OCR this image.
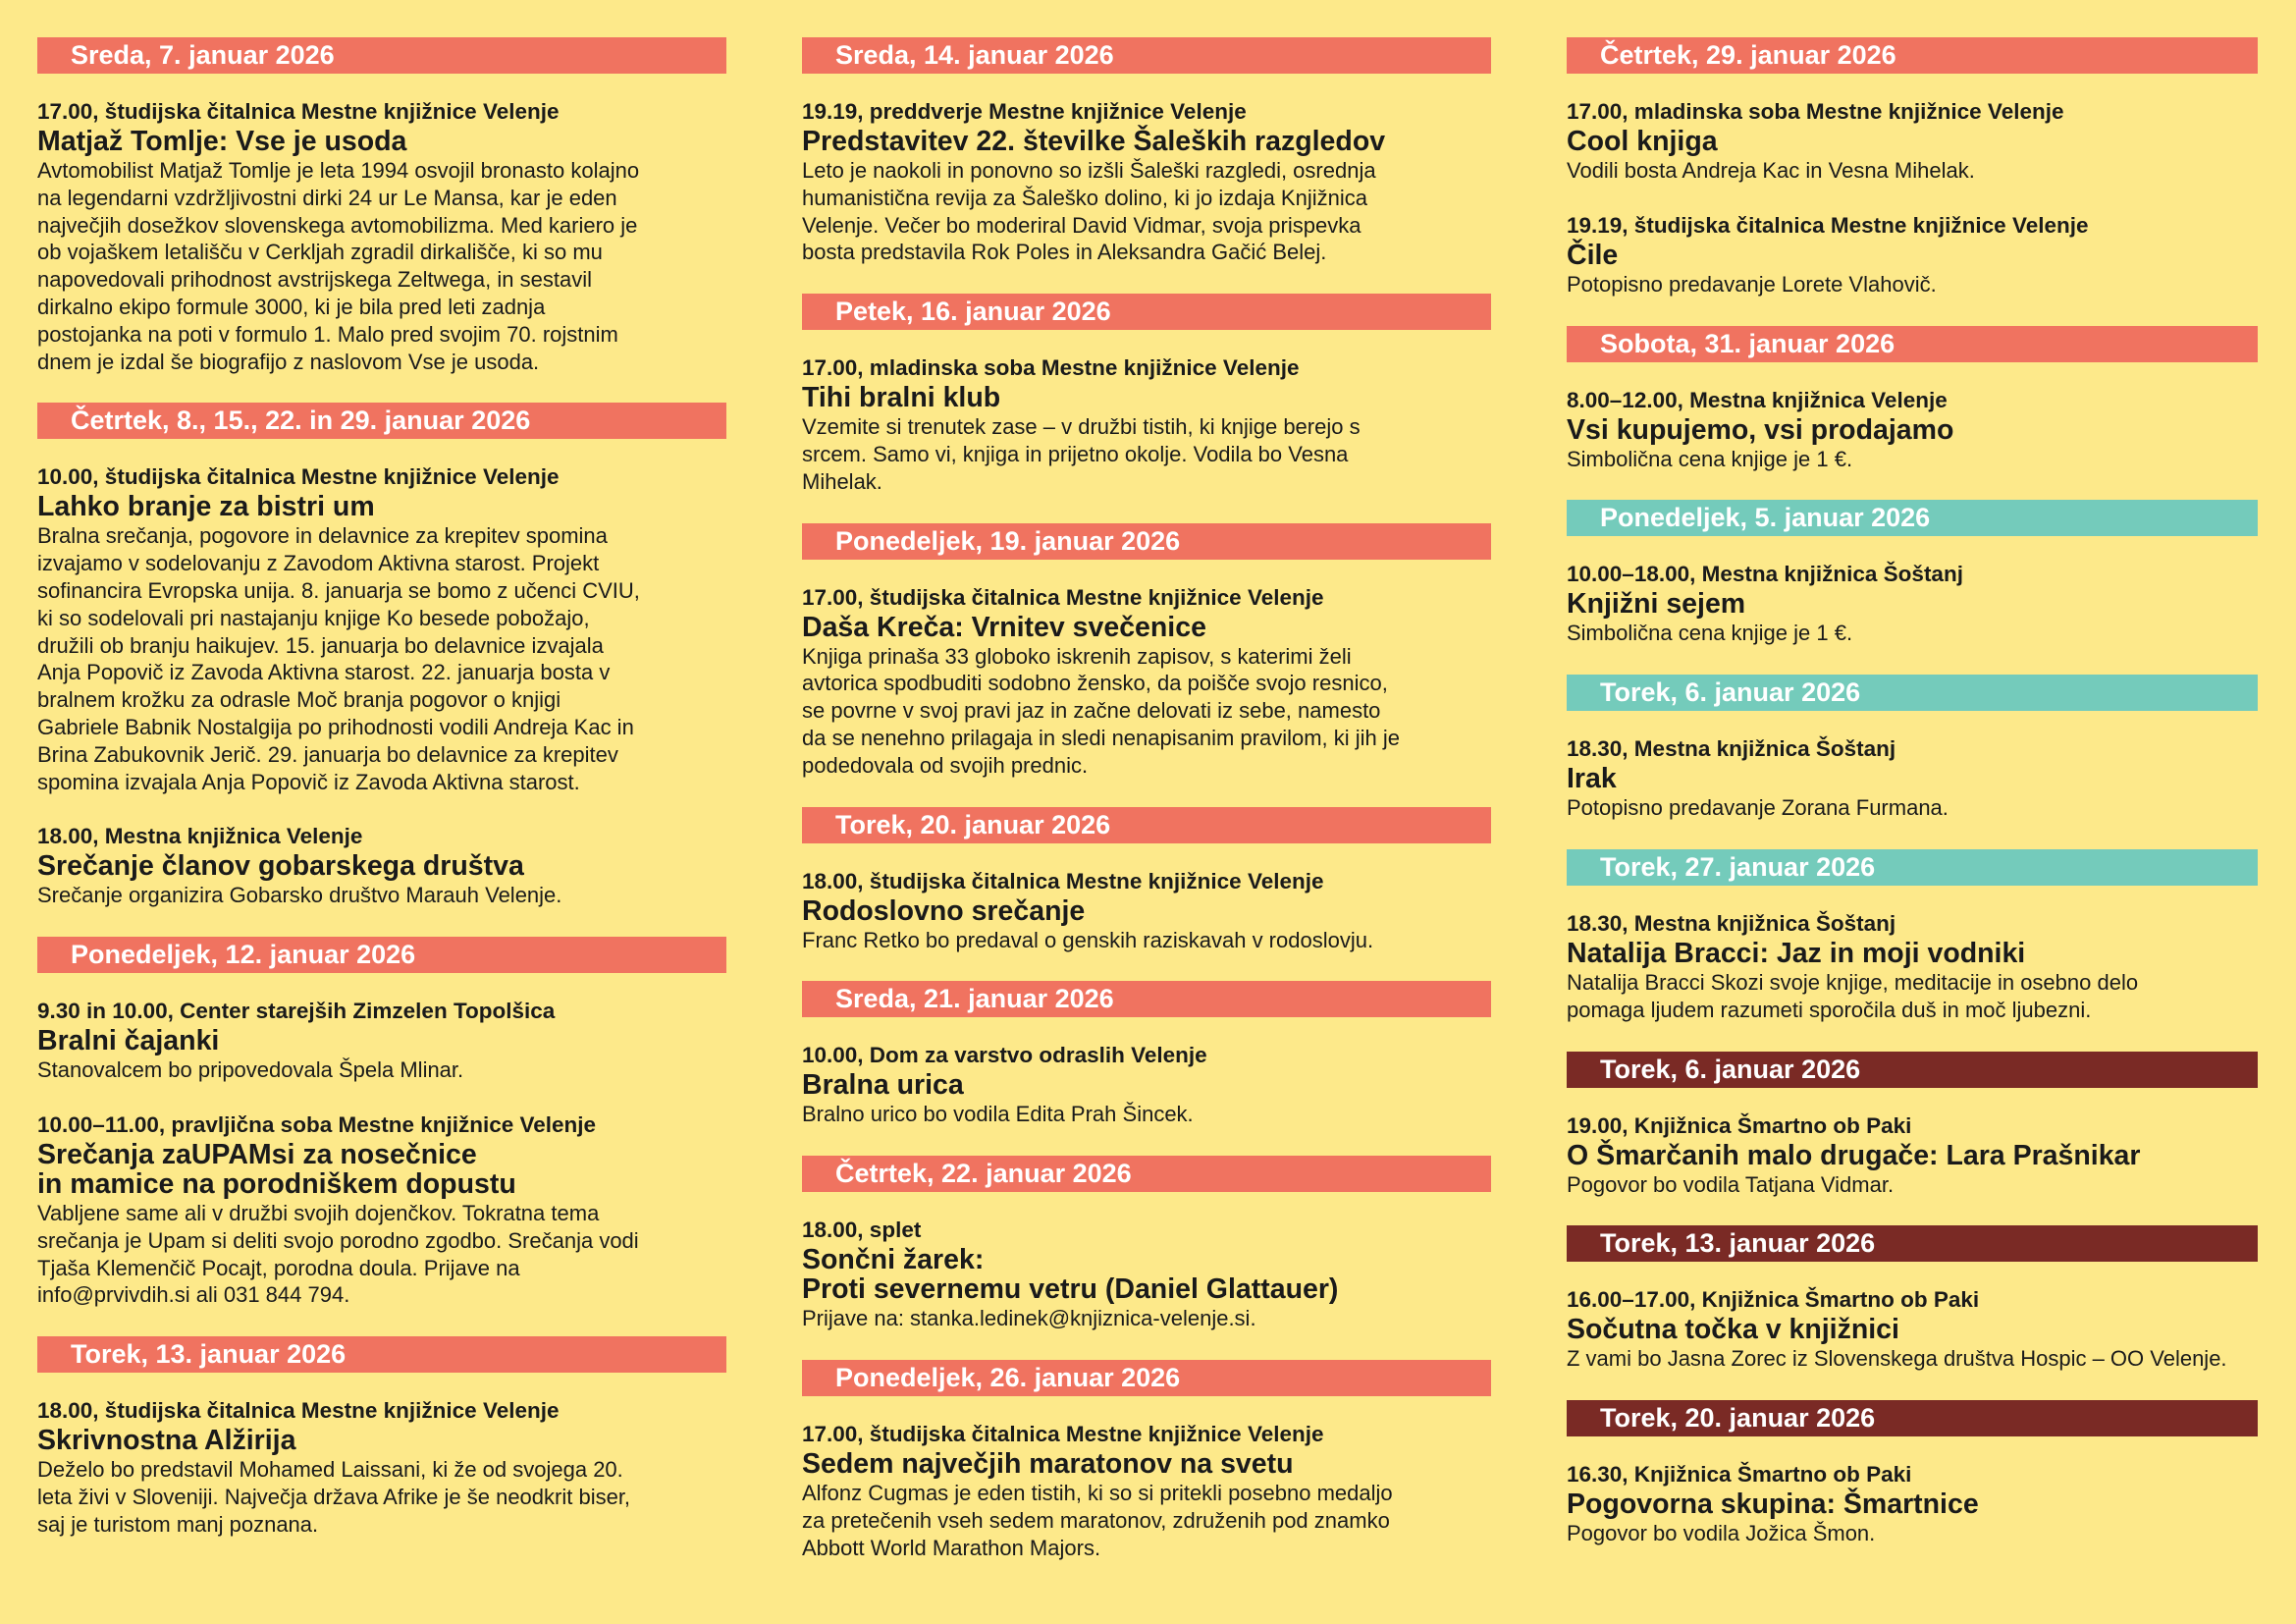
Sreda, 7. januar 2026
17.00, študijska čitalnica Mestne knjižnice Velenje
Matjaž Tomlje: Vse je usoda
Avtomobilist Matjaž Tomlje je leta 1994 osvojil bronasto kolajno
na legendarni vzdržljivostni dirki 24 ur Le Mansa, kar je eden
največjih dosežkov slovenskega avtomobilizma. Med kariero je
ob vojaškem letališču v Cerkljah zgradil dirkališče, ki so mu
napovedovali prihodnost avstrijskega Zeltwega, in sestavil
dirkalno ekipo formule 3000, ki je bila pred leti zadnja
postojanka na poti v formulo 1. Malo pred svojim 70. rojstnim
dnem je izdal še biografijo z naslovom Vse je usoda.
Četrtek, 8., 15., 22. in 29. januar 2026
10.00, študijska čitalnica Mestne knjižnice Velenje
Lahko branje za bistri um
Bralna srečanja, pogovore in delavnice za krepitev spomina
izvajamo v sodelovanju z Zavodom Aktivna starost. Projekt
sofinancira Evropska unija. 8. januarja se bomo z učenci CVIU,
ki so sodelovali pri nastajanju knjige Ko besede pobožajo,
družili ob branju haikujev. 15. januarja bo delavnice izvajala
Anja Popovič iz Zavoda Aktivna starost. 22. januarja bosta v
bralnem krožku za odrasle Moč branja pogovor o knjigi
Gabriele Babnik Nostalgija po prihodnosti vodili Andreja Kac in
Brina Zabukovnik Jerič. 29. januarja bo delavnice za krepitev
spomina izvajala Anja Popovič iz Zavoda Aktivna starost.
18.00, Mestna knjižnica Velenje
Srečanje članov gobarskega društva
Srečanje organizira Gobarsko društvo Marauh Velenje.
Ponedeljek, 12. januar 2026
9.30 in 10.00, Center starejših Zimzelen Topolšica
Bralni čajanki
Stanovalcem bo pripovedovala Špela Mlinar.
10.00–11.00, pravljična soba Mestne knjižnice Velenje
Srečanja zaUPAMsi za nosečnice
in mamice na porodniškem dopustu
Vabljene same ali v družbi svojih dojenčkov. Tokratna tema
srečanja je Upam si deliti svojo porodno zgodbo. Srečanja vodi
Tjaša Klemenčič Pocajt, porodna doula. Prijave na
info@prvivdih.si ali 031 844 794.
Torek, 13. januar 2026
18.00, študijska čitalnica Mestne knjižnice Velenje
Skrivnostna Alžirija
Deželo bo predstavil Mohamed Laissani, ki že od svojega 20.
leta živi v Sloveniji. Največja država Afrike je še neodkrit biser,
saj je turistom manj poznana.
Sreda, 14. januar 2026
19.19, preddverje Mestne knjižnice Velenje
Predstavitev 22. številke Šaleških razgledov
Leto je naokoli in ponovno so izšli Šaleški razgledi, osrednja
humanistična revija za Šaleško dolino, ki jo izdaja Knjižnica
Velenje. Večer bo moderiral David Vidmar, svoja prispevka
bosta predstavila Rok Poles in Aleksandra Gačić Belej.
Petek, 16. januar 2026
17.00, mladinska soba Mestne knjižnice Velenje
Tihi bralni klub
Vzemite si trenutek zase – v družbi tistih, ki knjige berejo s
srcem. Samo vi, knjiga in prijetno okolje. Vodila bo Vesna
Mihelak.
Ponedeljek, 19. januar 2026
17.00, študijska čitalnica Mestne knjižnice Velenje
Daša Kreča: Vrnitev svečenice
Knjiga prinaša 33 globoko iskrenih zapisov, s katerimi želi
avtorica spodbuditi sodobno žensko, da poišče svojo resnico,
se povrne v svoj pravi jaz in začne delovati iz sebe, namesto
da se nenehno prilagaja in sledi nenapisanim pravilom, ki jih je
podedovala od svojih prednic.
Torek, 20. januar 2026
18.00, študijska čitalnica Mestne knjižnice Velenje
Rodoslovno srečanje
Franc Retko bo predaval o genskih raziskavah v rodoslovju.
Sreda, 21. januar 2026
10.00, Dom za varstvo odraslih Velenje
Bralna urica
Bralno urico bo vodila Edita Prah Šincek.
Četrtek, 22. januar 2026
18.00, splet
Sončni žarek:
Proti severnemu vetru (Daniel Glattauer)
Prijave na: stanka.ledinek@knjiznica-velenje.si.
Ponedeljek, 26. januar 2026
17.00, študijska čitalnica Mestne knjižnice Velenje
Sedem največjih maratonov na svetu
Alfonz Cugmas je eden tistih, ki so si pritekli posebno medaljo
za pretečenih vseh sedem maratonov, združenih pod znamko
Abbott World Marathon Majors.
Četrtek, 29. januar 2026
17.00, mladinska soba Mestne knjižnice Velenje
Cool knjiga
Vodili bosta Andreja Kac in Vesna Mihelak.
19.19, študijska čitalnica Mestne knjižnice Velenje
Čile
Potopisno predavanje Lorete Vlahovič.
Sobota, 31. januar 2026
8.00–12.00, Mestna knjižnica Velenje
Vsi kupujemo, vsi prodajamo
Simbolična cena knjige je 1 €.
Ponedeljek, 5. januar 2026
10.00–18.00, Mestna knjižnica Šoštanj
Knjižni sejem
Simbolična cena knjige je 1 €.
Torek, 6. januar 2026
18.30, Mestna knjižnica Šoštanj
Irak
Potopisno predavanje Zorana Furmana.
Torek, 27. januar 2026
18.30, Mestna knjižnica Šoštanj
Natalija Bracci: Jaz in moji vodniki
Natalija Bracci Skozi svoje knjige, meditacije in osebno delo
pomaga ljudem razumeti sporočila duš in moč ljubezni.
Torek, 6. januar 2026
19.00, Knjižnica Šmartno ob Paki
O Šmarčanih malo drugače: Lara Prašnikar
Pogovor bo vodila Tatjana Vidmar.
Torek, 13. januar 2026
16.00–17.00, Knjižnica Šmartno ob Paki
Sočutna točka v knjižnici
Z vami bo Jasna Zorec iz Slovenskega društva Hospic – OO Velenje.
Torek, 20. januar 2026
16.30, Knjižnica Šmartno ob Paki
Pogovorna skupina: Šmartnice
Pogovor bo vodila Jožica Šmon.
